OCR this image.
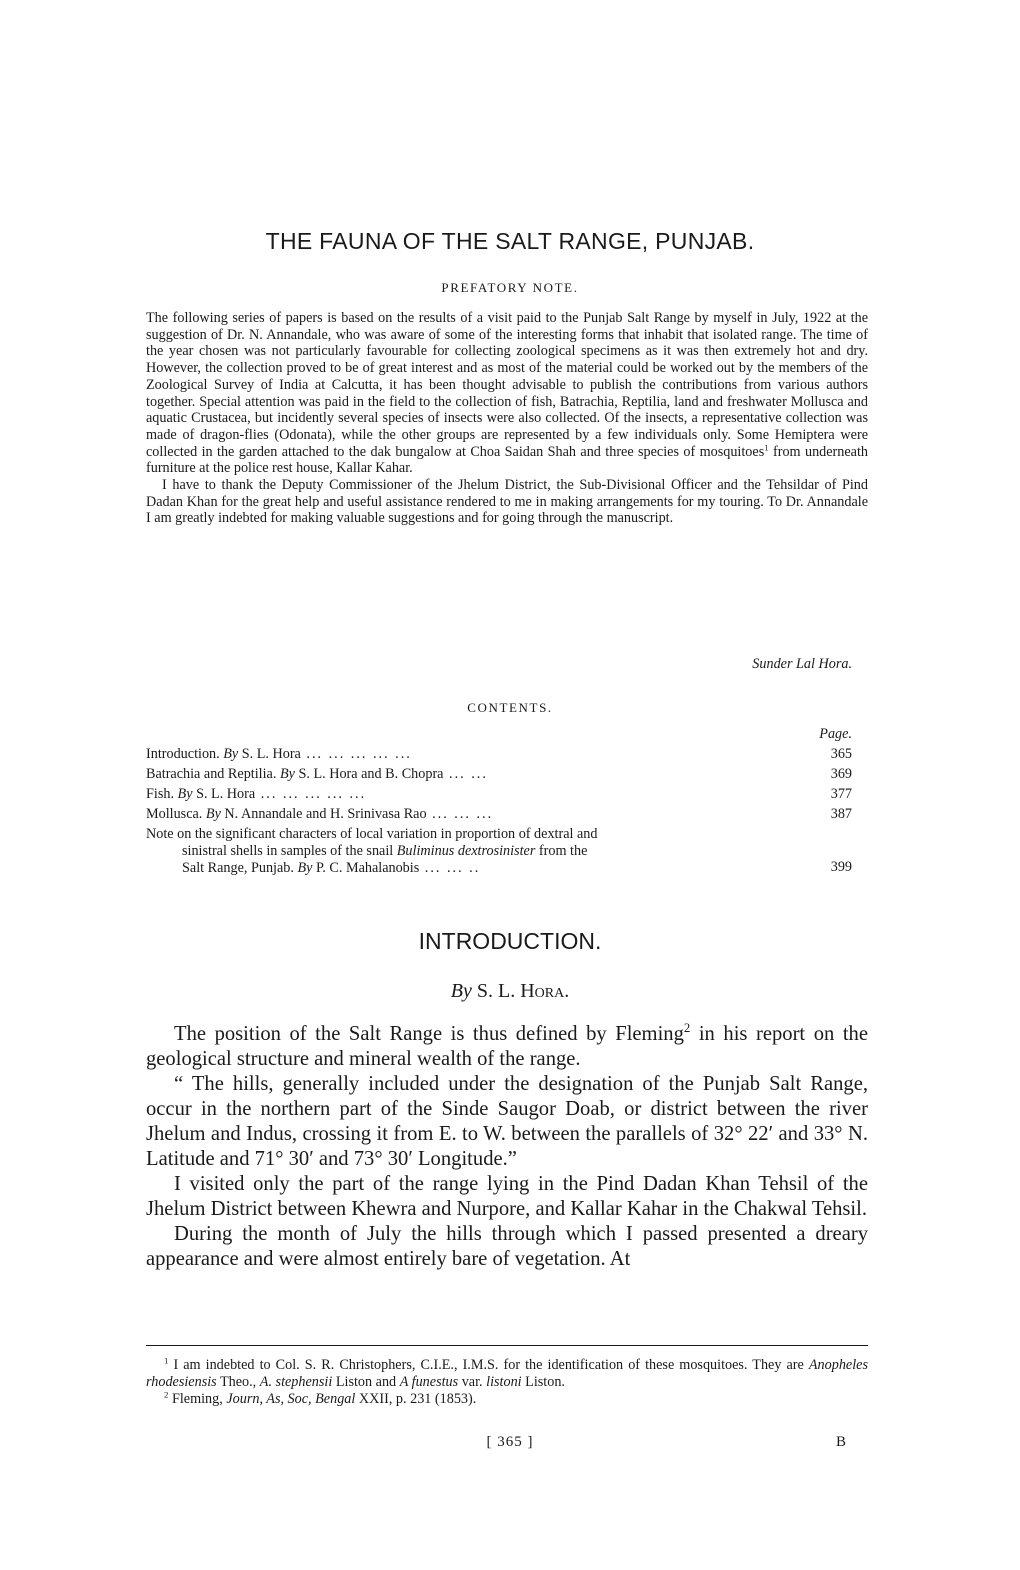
THE FAUNA OF THE SALT RANGE, PUNJAB.
PREFATORY NOTE.

The following series of papers is based on the results of a visit paid to the Punjab Salt Range by myself in July, 1922 at the suggestion of Dr. N. Annandale, who was aware of some of the interesting forms that inhabit that isolated range. The time of the year chosen was not particularly favourable for collecting zoological specimens as it was then extremely hot and dry. However, the collection proved to be of great interest and as most of the material could be worked out by the members of the Zoological Survey of India at Calcutta, it has been thought advisable to publish the contributions from various authors together. Special attention was paid in the field to the collection of fish, Batrachia, Reptilia, land and freshwater Mollusca and aquatic Crustacea, but incidently several species of insects were also collected. Of the insects, a representative collection was made of dragon-flies (Odonata), while the other groups are represented by a few individuals only. Some Hemiptera were collected in the garden attached to the dak bungalow at Choa Saidan Shah and three species of mosquitoes$^1$ from underneath furniture at the police rest house, Kallar Kahar.

I have to thank the Deputy Commissioner of the Jhelum District, the Sub-Divisional Officer and the Tehsildar of Pind Dadan Khan for the great help and useful assistance rendered to me in making arrangements for my touring. To Dr. Annandale I am greatly indebted for making valuable suggestions and for going through the manuscript.

Sunder Lal Hora.
CONTENTS.
	Page.
Introduction. By S. L. Hora ... ... ... ... ...	365
Batrachia and Reptilia. By S. L. Hora and B. Chopra ... ...	369
Fish. By S. L. Hora ... ... ... ... ...	377
Mollusca. By N. Annandale and H. Srinivasa Rao ... ... ...	387
Note on the significant characters of local variation in proportion of dextral and
sinistral shells in samples of the snail Buliminus dextrosinister from the
Salt Range, Punjab. By P. C. Mahalanobis ... ... ..	399
INTRODUCTION.
By S. L. Hora.

The position of the Salt Range is thus defined by Fleming$^2$ in his report on the geological structure and mineral wealth of the range.

“ The hills, generally included under the designation of the Punjab Salt Range, occur in the northern part of the Sinde Saugor Doab, or district between the river Jhelum and Indus, crossing it from E. to W. between the parallels of 32° 22′ and 33° N. Latitude and 71° 30′ and 73° 30′ Longitude.”

I visited only the part of the range lying in the Pind Dadan Khan Tehsil of the Jhelum District between Khewra and Nurpore, and Kallar Kahar in the Chakwal Tehsil.

During the month of July the hills through which I passed presented a dreary appearance and were almost entirely bare of vegetation. At

$^1$ I am indebted to Col. S. R. Christophers, C.I.E., I.M.S. for the identification of these mosquitoes. They are Anopheles rhodesiensis Theo., A. stephensii Liston and A funestus var. listoni Liston.

$^2$ Fleming, Journ, As, Soc, Bengal XXII, p. 231 (1853).

[ 365 ]	B
